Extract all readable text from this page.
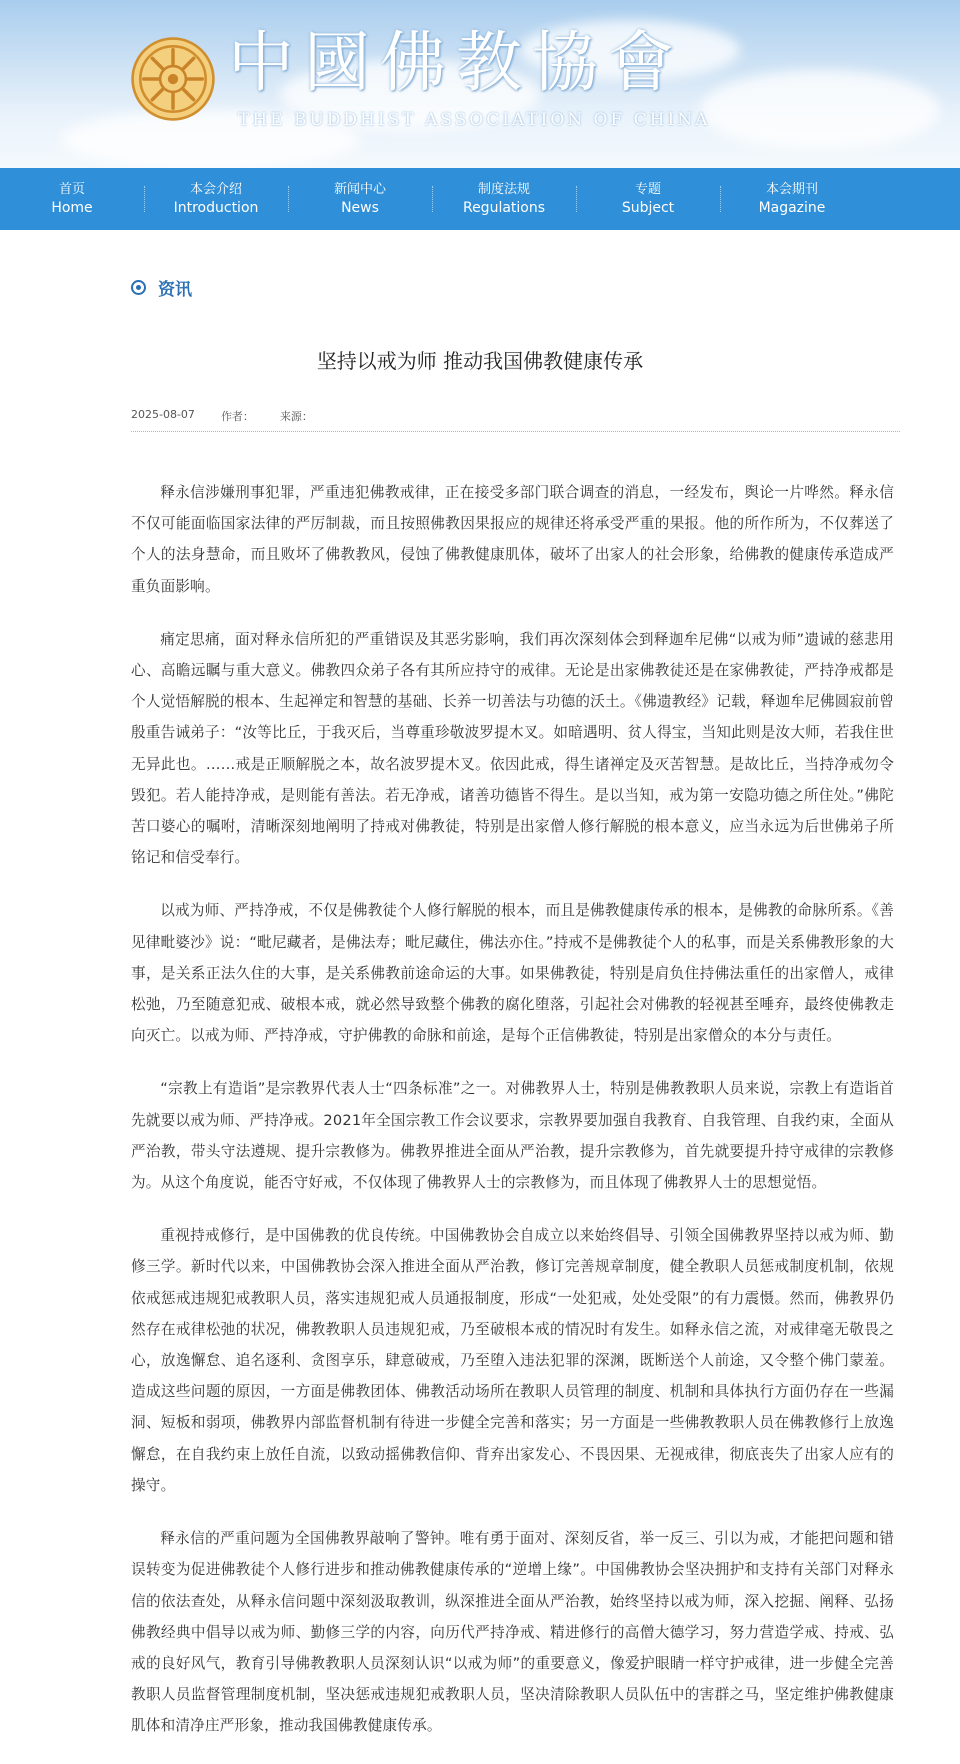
中國佛教協會
THE BUDDHIST ASSOCIATION OF CHINA
首页
Home
本会介绍
Introduction
新闻中心
News
制度法规
Regulations
专题
Subject
本会期刊
Magazine
资讯
坚持以戒为师 推动我国佛教健康传承
2025-08-07 作者： 来源：

释永信涉嫌刑事犯罪，严重违犯佛教戒律，正在接受多部门联合调查的消息，一经发布，舆论一片哗然。释永信不仅可能面临国家法律的严厉制裁，而且按照佛教因果报应的规律还将承受严重的果报。他的所作所为，不仅葬送了个人的法身慧命，而且败坏了佛教教风，侵蚀了佛教健康肌体，破坏了出家人的社会形象，给佛教的健康传承造成严重负面影响。

痛定思痛，面对释永信所犯的严重错误及其恶劣影响，我们再次深刻体会到释迦牟尼佛“以戒为师”遗诫的慈悲用心、高瞻远瞩与重大意义。佛教四众弟子各有其所应持守的戒律。无论是出家佛教徒还是在家佛教徒，严持净戒都是个人觉悟解脱的根本、生起禅定和智慧的基础、长养一切善法与功德的沃土。《佛遗教经》记载，释迦牟尼佛圆寂前曾殷重告诫弟子：“汝等比丘，于我灭后，当尊重珍敬波罗提木叉。如暗遇明、贫人得宝，当知此则是汝大师，若我住世无异此也。……戒是正顺解脱之本，故名波罗提木叉。依因此戒，得生诸禅定及灭苦智慧。是故比丘，当持净戒勿令毁犯。若人能持净戒，是则能有善法。若无净戒，诸善功德皆不得生。是以当知，戒为第一安隐功德之所住处。”佛陀苦口婆心的嘱咐，清晰深刻地阐明了持戒对佛教徒，特别是出家僧人修行解脱的根本意义，应当永远为后世佛弟子所铭记和信受奉行。

以戒为师、严持净戒，不仅是佛教徒个人修行解脱的根本，而且是佛教健康传承的根本，是佛教的命脉所系。《善见律毗婆沙》说：“毗尼藏者，是佛法寿；毗尼藏住，佛法亦住。”持戒不是佛教徒个人的私事，而是关系佛教形象的大事，是关系正法久住的大事，是关系佛教前途命运的大事。如果佛教徒，特别是肩负住持佛法重任的出家僧人，戒律松弛，乃至随意犯戒、破根本戒，就必然导致整个佛教的腐化堕落，引起社会对佛教的轻视甚至唾弃，最终使佛教走向灭亡。以戒为师、严持净戒，守护佛教的命脉和前途，是每个正信佛教徒，特别是出家僧众的本分与责任。

“宗教上有造诣”是宗教界代表人士“四条标准”之一。对佛教界人士，特别是佛教教职人员来说，宗教上有造诣首先就要以戒为师、严持净戒。2021年全国宗教工作会议要求，宗教界要加强自我教育、自我管理、自我约束，全面从严治教，带头守法遵规、提升宗教修为。佛教界推进全面从严治教，提升宗教修为，首先就要提升持守戒律的宗教修为。从这个角度说，能否守好戒，不仅体现了佛教界人士的宗教修为，而且体现了佛教界人士的思想觉悟。

重视持戒修行，是中国佛教的优良传统。中国佛教协会自成立以来始终倡导、引领全国佛教界坚持以戒为师、勤修三学。新时代以来，中国佛教协会深入推进全面从严治教，修订完善规章制度，健全教职人员惩戒制度机制，依规依戒惩戒违规犯戒教职人员，落实违规犯戒人员通报制度，形成“一处犯戒，处处受限”的有力震慑。然而，佛教界仍然存在戒律松弛的状况，佛教教职人员违规犯戒，乃至破根本戒的情况时有发生。如释永信之流，对戒律毫无敬畏之心，放逸懈怠、追名逐利、贪图享乐，肆意破戒，乃至堕入违法犯罪的深渊，既断送个人前途，又令整个佛门蒙羞。造成这些问题的原因，一方面是佛教团体、佛教活动场所在教职人员管理的制度、机制和具体执行方面仍存在一些漏洞、短板和弱项，佛教界内部监督机制有待进一步健全完善和落实；另一方面是一些佛教教职人员在佛教修行上放逸懈怠，在自我约束上放任自流，以致动摇佛教信仰、背弃出家发心、不畏因果、无视戒律，彻底丧失了出家人应有的操守。

释永信的严重问题为全国佛教界敲响了警钟。唯有勇于面对、深刻反省，举一反三、引以为戒，才能把问题和错误转变为促进佛教徒个人修行进步和推动佛教健康传承的“逆增上缘”。中国佛教协会坚决拥护和支持有关部门对释永信的依法查处，从释永信问题中深刻汲取教训，纵深推进全面从严治教，始终坚持以戒为师，深入挖掘、阐释、弘扬佛教经典中倡导以戒为师、勤修三学的内容，向历代严持净戒、精进修行的高僧大德学习，努力营造学戒、持戒、弘戒的良好风气，教育引导佛教教职人员深刻认识“以戒为师”的重要意义，像爱护眼睛一样守护戒律，进一步健全完善教职人员监督管理制度机制，坚决惩戒违规犯戒教职人员，坚决清除教职人员队伍中的害群之马，坚定维护佛教健康肌体和清净庄严形象，推动我国佛教健康传承。
